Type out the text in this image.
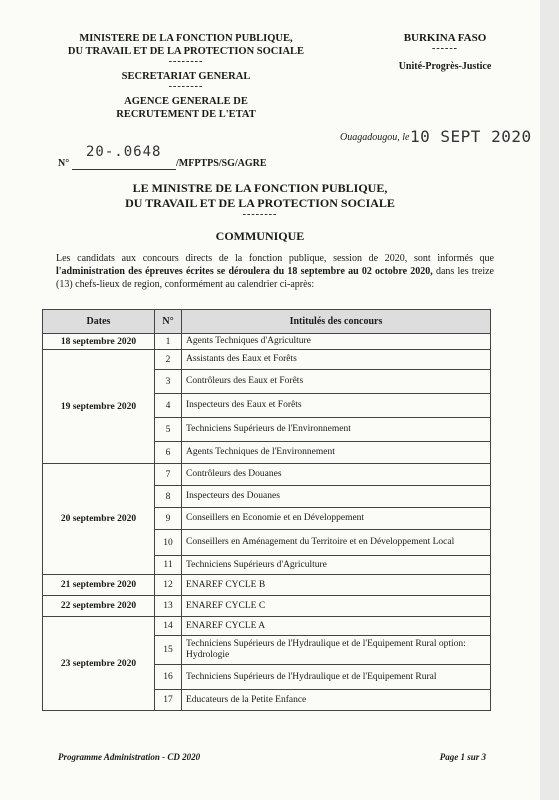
MINISTERE DE LA FONCTION PUBLIQUE,
DU TRAVAIL ET DE LA PROTECTION SOCIALE
--------
SECRETARIAT GENERAL
--------
AGENCE GENERALE DE
RECRUTEMENT DE L'ETAT
BURKINA FASO
------
Unité-Progrès-Justice
Ouagadougou, le 10 SEPT 2020
N°
20-.0648
/MFPTPS/SG/AGRE
LE MINISTRE DE LA FONCTION PUBLIQUE,
DU TRAVAIL ET DE LA PROTECTION SOCIALE
--------
COMMUNIQUE
Les candidats aux concours directs de la fonction publique, session de 2020, sont informés que l'administration des épreuves écrites se déroulera du 18 septembre au 02 octobre 2020, dans les treize (13) chefs-lieux de region, conformément au calendrier ci-après:
Dates	N°	Intitulés des concours
18 septembre 2020	1	Agents Techniques d'Agriculture
19 septembre 2020	2	Assistants des Eaux et Forêts
	3	Contrôleurs des Eaux et Forêts
	4	Inspecteurs des Eaux et Forêts
	5	Techniciens Supérieurs de l'Environnement
	6	Agents Techniques de l'Environnement
20 septembre 2020	7	Contrôleurs des Douanes
	8	Inspecteurs des Douanes
	9	Conseillers en Economie et en Développement
	10	Conseillers en Aménagement du Territoire et en Développement Local
	11	Techniciens Supérieurs d'Agriculture
21 septembre 2020	12	ENAREF CYCLE B
22 septembre 2020	13	ENAREF CYCLE C
23 septembre 2020	14	ENAREF CYCLE A
	15	Techniciens Supérieurs de l'Hydraulique et de l'Equipement Rural option: Hydrologie
	16	Techniciens Supérieurs de l'Hydraulique et de l'Equipement Rural
	17	Educateurs de la Petite Enfance
Programme Administration - CD 2020	Page 1 sur 3
